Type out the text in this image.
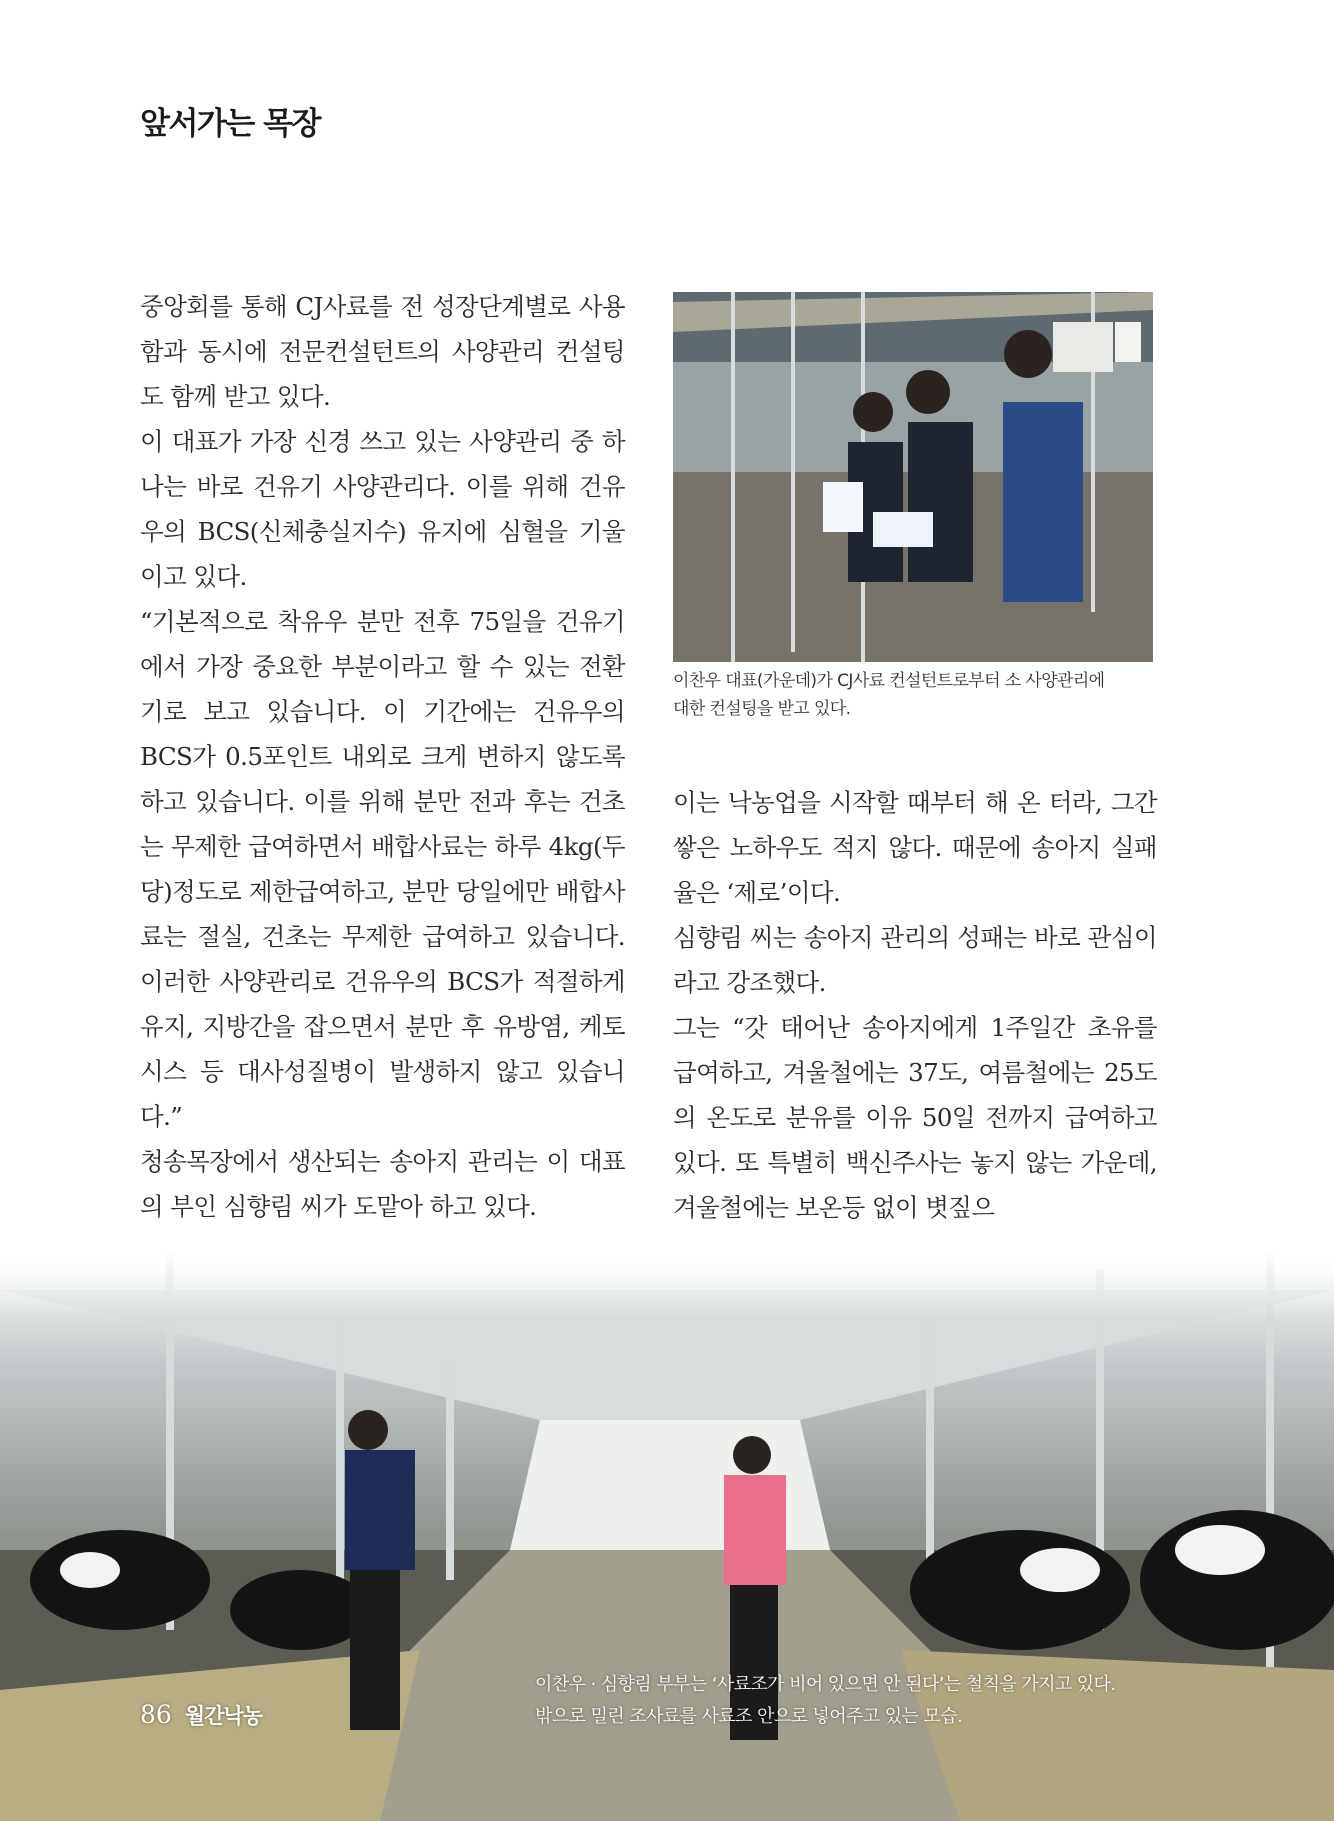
앞서가는 목장

중앙회를 통해 CJ사료를 전 성장단계별로 사용함과 동시에 전문컨설턴트의 사양관리 컨설팅도 함께 받고 있다.

이 대표가 가장 신경 쓰고 있는 사양관리 중 하나는 바로 건유기 사양관리다. 이를 위해 건유우의 BCS(신체충실지수) 유지에 심혈을 기울이고 있다.

“기본적으로 착유우 분만 전후 75일을 건유기에서 가장 중요한 부분이라고 할 수 있는 전환기로 보고 있습니다. 이 기간에는 건유우의 BCS가 0.5포인트 내외로 크게 변하지 않도록 하고 있습니다. 이를 위해 분만 전과 후는 건초는 무제한 급여하면서 배합사료는 하루 4kg(두당)정도로 제한급여하고, 분만 당일에만 배합사료는 절실, 건초는 무제한 급여하고 있습니다. 이러한 사양관리로 건유우의 BCS가 적절하게 유지, 지방간을 잡으면서 분만 후 유방염, 케토시스 등 대사성질병이 발생하지 않고 있습니다.”

청송목장에서 생산되는 송아지 관리는 이 대표의 부인 심향림 씨가 도맡아 하고 있다.

이찬우 대표(가운데)가 CJ사료 컨설턴트로부터 소 사양관리에
대한 컨설팅을 받고 있다.

이는 낙농업을 시작할 때부터 해 온 터라, 그간 쌓은 노하우도 적지 않다. 때문에 송아지 실패율은 ‘제로’이다.

심향림 씨는 송아지 관리의 성패는 바로 관심이라고 강조했다.

그는 “갓 태어난 송아지에게 1주일간 초유를 급여하고, 겨울철에는 37도, 여름철에는 25도의 온도로 분유를 이유 50일 전까지 급여하고 있다. 또 특별히 백신주사는 놓지 않는 가운데, 겨울철에는 보온등 없이 볏짚으

이찬우 · 심향림 부부는 ‘사료조가 비어 있으면 안 된다’는 철칙을 가지고 있다.
밖으로 밀린 조사료를 사료조 안으로 넣어주고 있는 모습.
86 월간낙농
